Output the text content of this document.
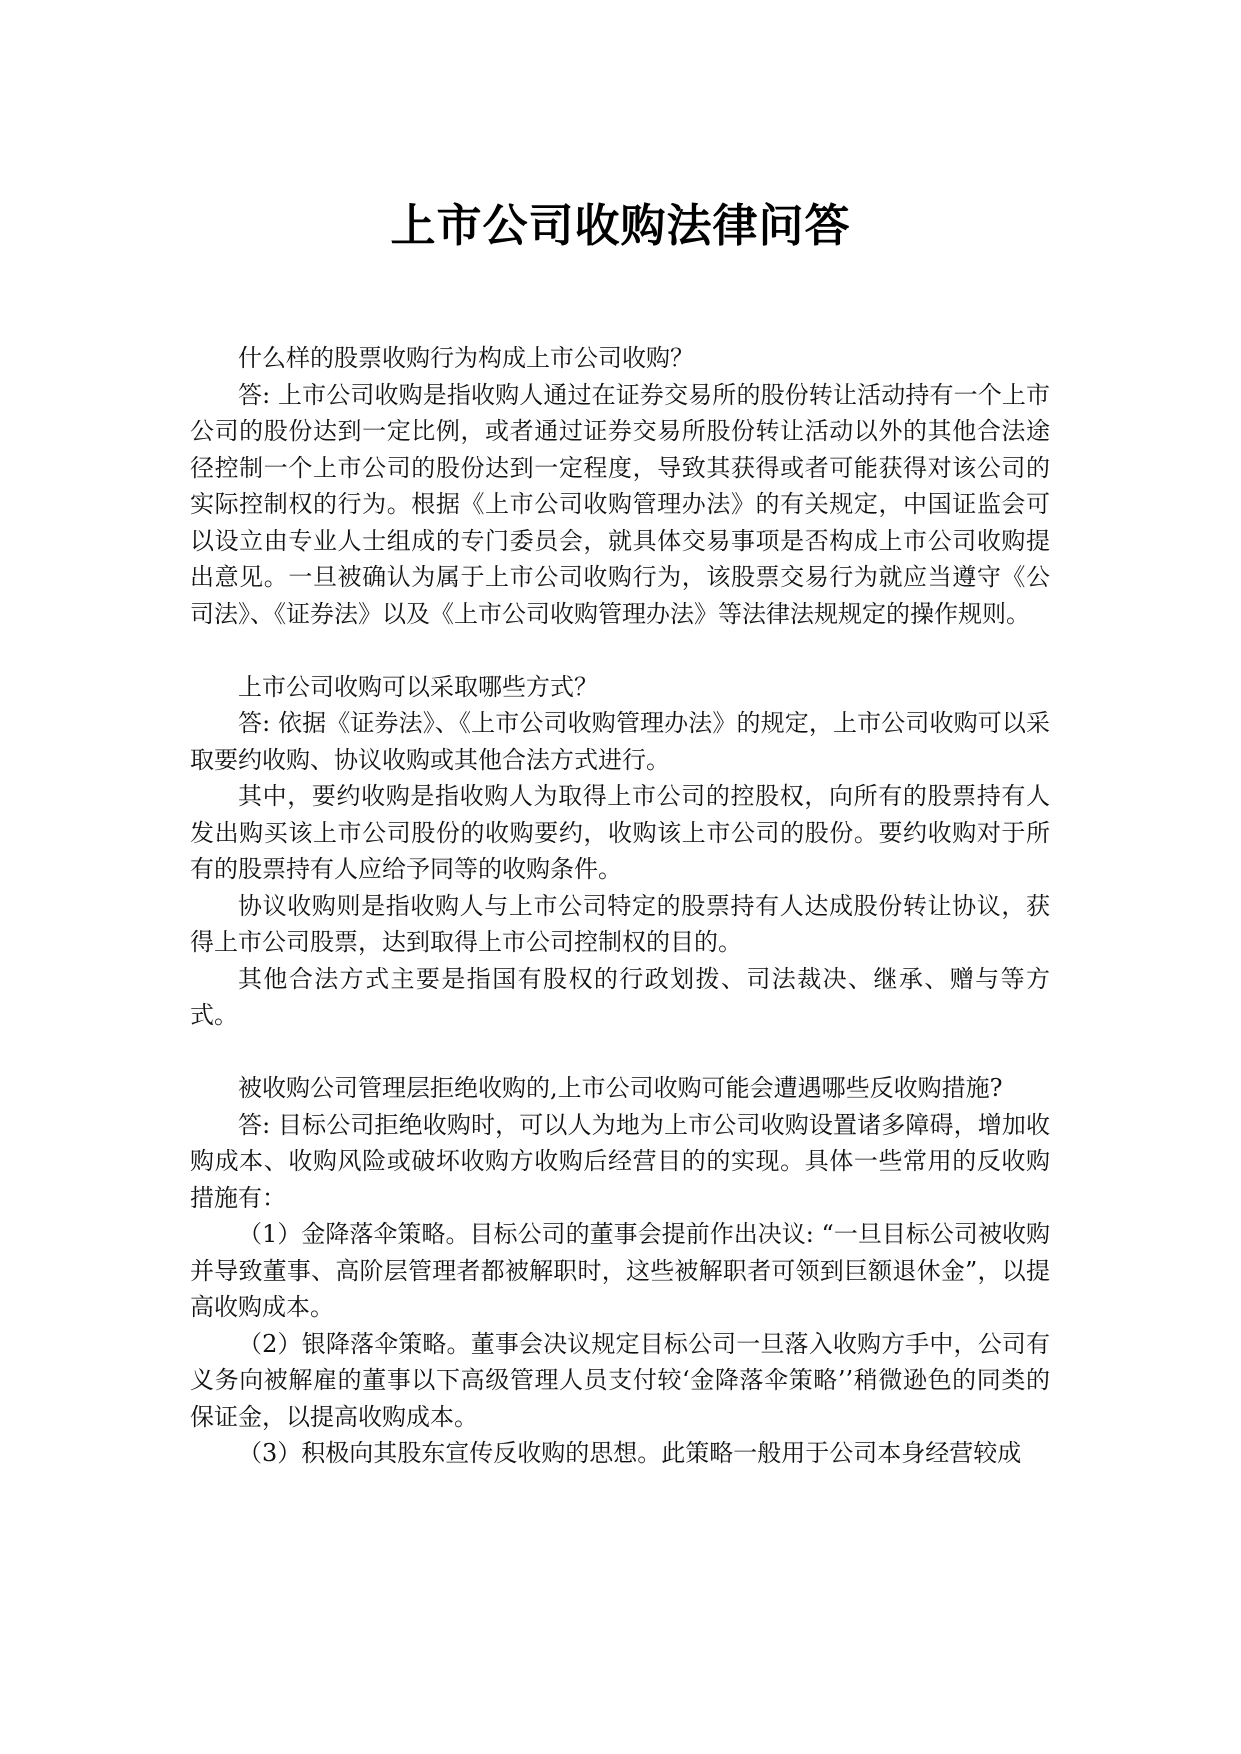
上市公司收购法律问答

什么样的股票收购行为构成上市公司收购？

答: 上市公司收购是指收购人通过在证券交易所的股份转让活动持有一个上市公司的股份达到一定比例，或者通过证券交易所股份转让活动以外的其他合法途径控制一个上市公司的股份达到一定程度，导致其获得或者可能获得对该公司的实际控制权的行为。根据《上市公司收购管理办法》的有关规定，中国证监会可以设立由专业人士组成的专门委员会，就具体交易事项是否构成上市公司收购提出意见。一旦被确认为属于上市公司收购行为，该股票交易行为就应当遵守《公司法》、《证券法》以及《上市公司收购管理办法》等法律法规规定的操作规则。

上市公司收购可以采取哪些方式？

答: 依据《证券法》、《上市公司收购管理办法》的规定，上市公司收购可以采取要约收购、协议收购或其他合法方式进行。

其中，要约收购是指收购人为取得上市公司的控股权，向所有的股票持有人发出购买该上市公司股份的收购要约，收购该上市公司的股份。要约收购对于所有的股票持有人应给予同等的收购条件。

协议收购则是指收购人与上市公司特定的股票持有人达成股份转让协议，获得上市公司股票，达到取得上市公司控制权的目的。

其他合法方式主要是指国有股权的行政划拨、司法裁决、继承、赠与等方式。

被收购公司管理层拒绝收购的,上市公司收购可能会遭遇哪些反收购措施?

答: 目标公司拒绝收购时，可以人为地为上市公司收购设置诸多障碍，增加收购成本、收购风险或破坏收购方收购后经营目的的实现。具体一些常用的反收购措施有：

（1）金降落伞策略。目标公司的董事会提前作出决议: “一旦目标公司被收购并导致董事、高阶层管理者都被解职时，这些被解职者可领到巨额退休金”，以提高收购成本。

（2）银降落伞策略。董事会决议规定目标公司一旦落入收购方手中，公司有义务向被解雇的董事以下高级管理人员支付较‘金降落伞策略’’稍微逊色的同类的保证金，以提高收购成本。

（3）积极向其股东宣传反收购的思想。此策略一般用于公司本身经营较成
